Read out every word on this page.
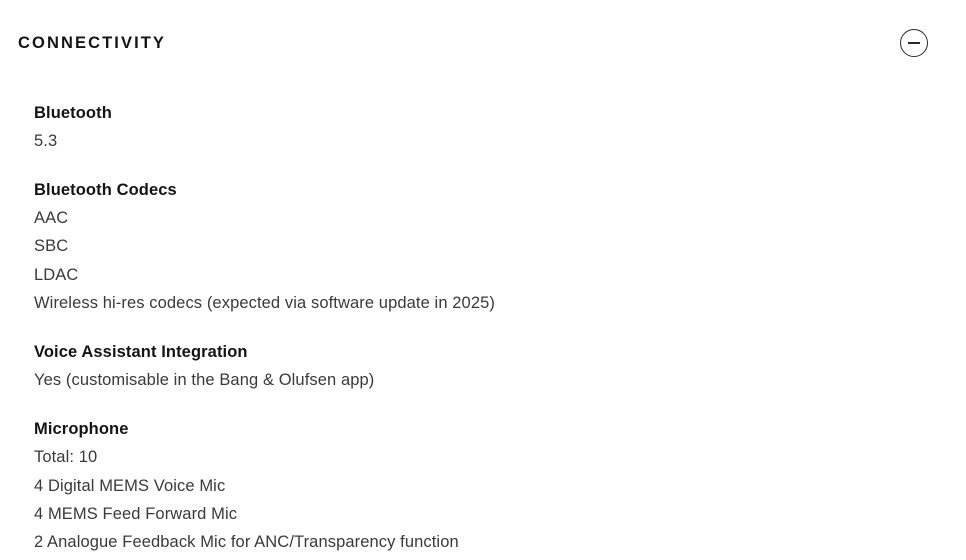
CONNECTIVITY
Bluetooth
5.3
Bluetooth Codecs
AAC
SBC
LDAC
Wireless hi-res codecs (expected via software update in 2025)
Voice Assistant Integration
Yes (customisable in the Bang & Olufsen app)
Microphone
Total: 10
4 Digital MEMS Voice Mic
4 MEMS Feed Forward Mic
2 Analogue Feedback Mic for ANC/Transparency function
